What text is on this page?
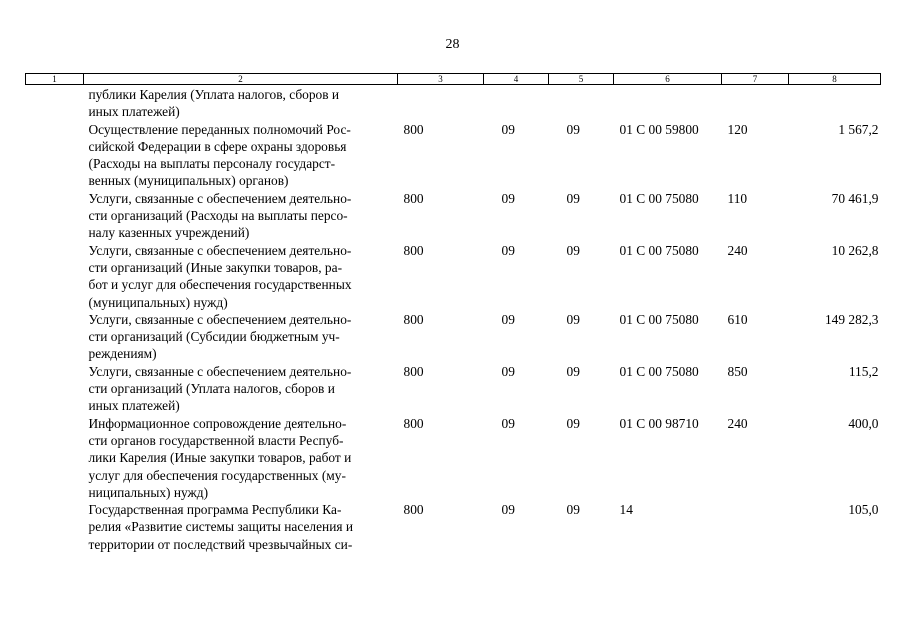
28
1	2	3	4	5	6	7	8

	публики Карелия (Уплата налогов, сборов и
иных платежей)						

	Осуществление переданных полномочий Рос-
сийской Федерации в сфере охраны здоровья
(Расходы на выплаты персоналу государст-
венных (муниципальных) органов)	800	09	09	01 С 00 59800	120	1 567,2

	Услуги, связанные с обеспечением деятельно-
сти организаций (Расходы на выплаты персо-
налу казенных учреждений)	800	09	09	01 С 00 75080	110	70 461,9

	Услуги, связанные с обеспечением деятельно-
сти организаций (Иные закупки товаров, ра-
бот и услуг для обеспечения государственных
(муниципальных) нужд)	800	09	09	01 С 00 75080	240	10 262,8

	Услуги, связанные с обеспечением деятельно-
сти организаций (Субсидии бюджетным уч-
реждениям)	800	09	09	01 С 00 75080	610	149 282,3

	Услуги, связанные с обеспечением деятельно-
сти организаций (Уплата налогов, сборов и
иных платежей)	800	09	09	01 С 00 75080	850	115,2

	Информационное сопровождение деятельно-
сти органов государственной власти Респуб-
лики Карелия (Иные закупки товаров, работ и
услуг для обеспечения государственных (му-
ниципальных) нужд)	800	09	09	01 С 00 98710	240	400,0

	Государственная программа Республики Ка-
релия «Развитие системы защиты населения и
территории от последствий чрезвычайных си-	800	09	09	14		105,0
